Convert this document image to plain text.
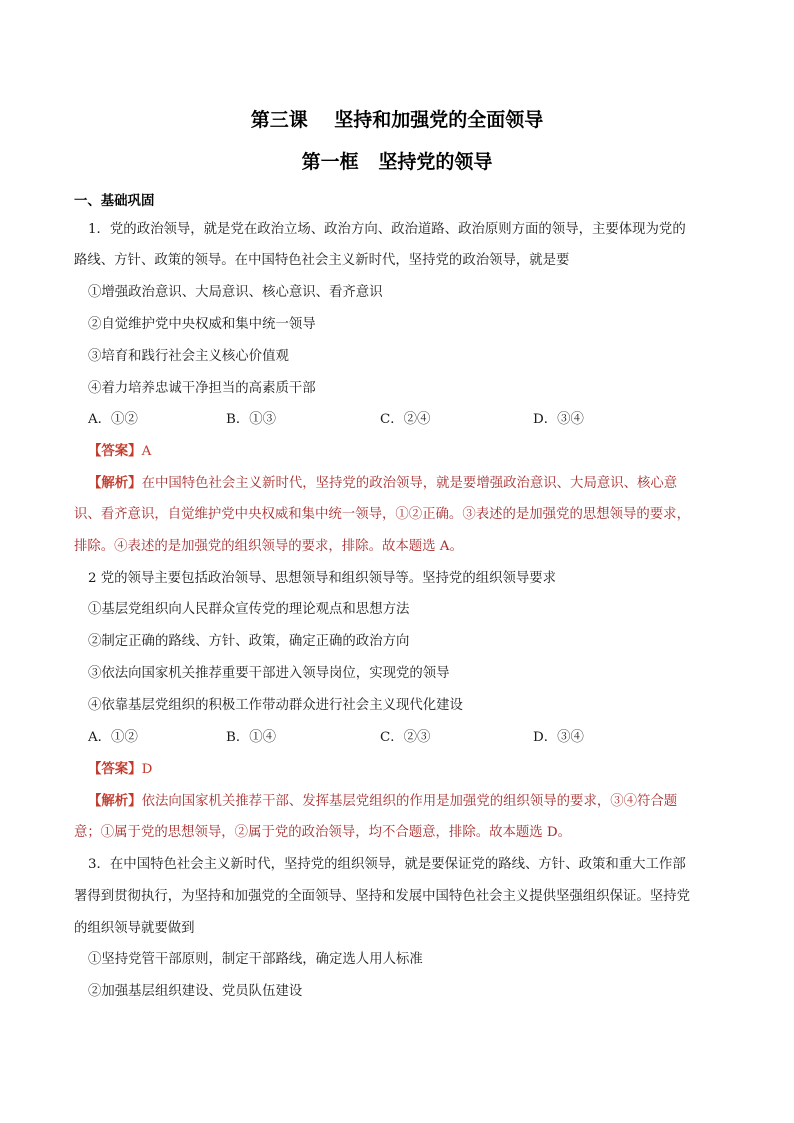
第三课    坚持和加强党的全面领导
第一框   坚持党的领导
一、基础巩固
1．党的政治领导，就是党在政治立场、政治方向、政治道路、政治原则方面的领导，主要体现为党的
路线、方针、政策的领导。在中国特色社会主义新时代，坚持党的政治领导，就是要
①增强政治意识、大局意识、核心意识、看齐意识
②自觉维护党中央权威和集中统一领导
③培育和践行社会主义核心价值观
④着力培养忠诚干净担当的高素质干部
A．①②	B．①③	C．②④	D．③④
【答案】A
【解析】在中国特色社会主义新时代，坚持党的政治领导，就是要增强政治意识、大局意识、核心意
识、看齐意识，自觉维护党中央权威和集中统一领导，①②正确。③表述的是加强党的思想领导的要求，
排除。④表述的是加强党的组织领导的要求，排除。故本题选 A。
2 党的领导主要包括政治领导、思想领导和组织领导等。坚持党的组织领导要求
①基层党组织向人民群众宣传党的理论观点和思想方法
②制定正确的路线、方针、政策，确定正确的政治方向
③依法向国家机关推荐重要干部进入领导岗位，实现党的领导
④依靠基层党组织的积极工作带动群众进行社会主义现代化建设
A．①②	B．①④	C．②③	D．③④
【答案】D
【解析】依法向国家机关推荐干部、发挥基层党组织的作用是加强党的组织领导的要求，③④符合题
意；①属于党的思想领导，②属于党的政治领导，均不合题意，排除。故本题选 D。
3．在中国特色社会主义新时代，坚持党的组织领导，就是要保证党的路线、方针、政策和重大工作部
署得到贯彻执行，为坚持和加强党的全面领导、坚持和发展中国特色社会主义提供坚强组织保证。坚持党
的组织领导就要做到
①坚持党管干部原则，制定干部路线，确定选人用人标准
②加强基层组织建设、党员队伍建设
